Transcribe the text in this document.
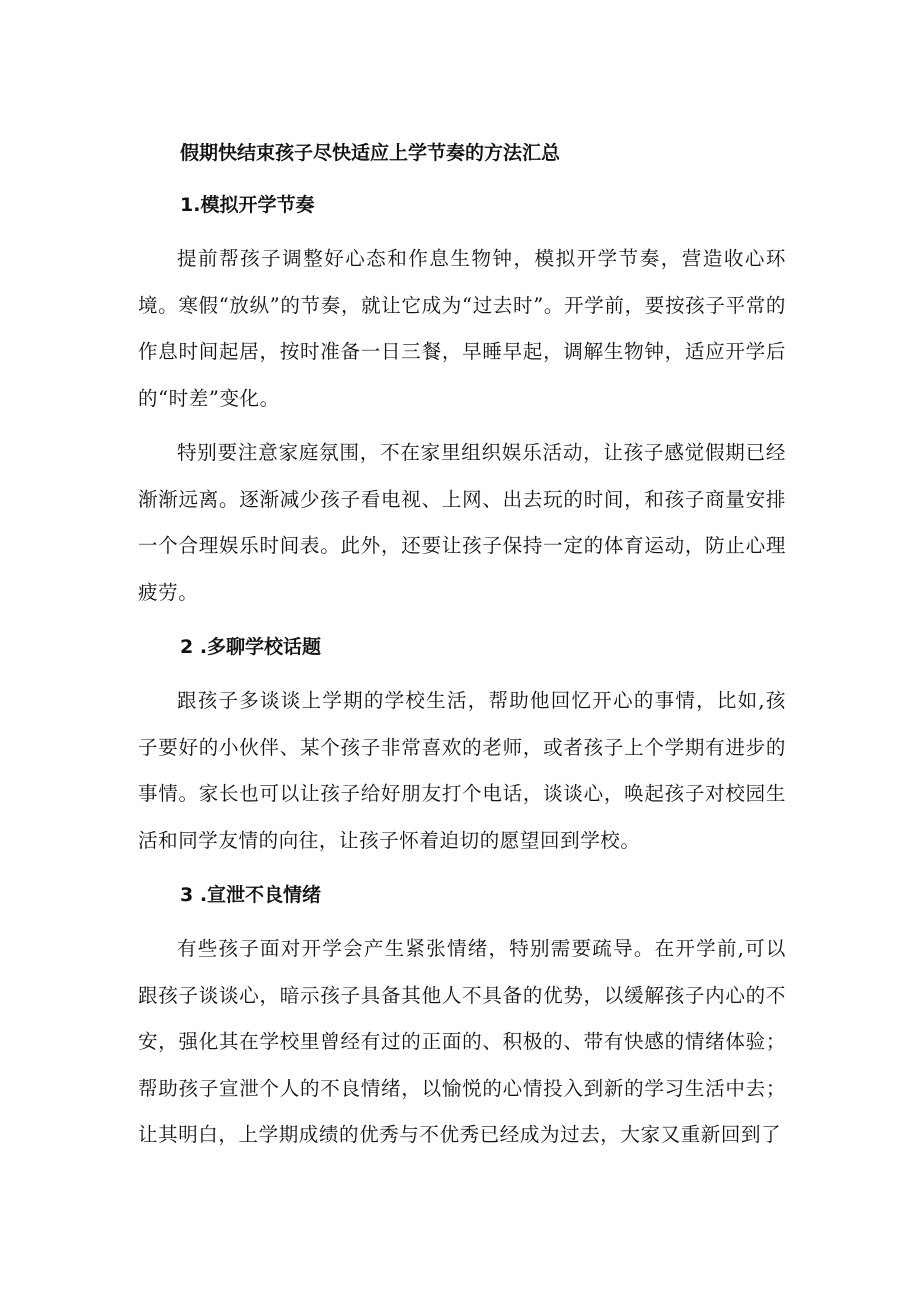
假期快结束孩子尽快适应上学节奏的方法汇总
1.模拟开学节奏

提前帮孩子调整好心态和作息生物钟，模拟开学节奏，营造收心环境。寒假“放纵”的节奏，就让它成为“过去时”。开学前，要按孩子平常的作息时间起居，按时准备一日三餐，早睡早起，调解生物钟，适应开学后的“时差”变化。

特别要注意家庭氛围，不在家里组织娱乐活动，让孩子感觉假期已经渐渐远离。逐渐减少孩子看电视、上网、出去玩的时间，和孩子商量安排一个合理娱乐时间表。此外，还要让孩子保持一定的体育运动，防止心理疲劳。

2 .多聊学校话题

跟孩子多谈谈上学期的学校生活，帮助他回忆开心的事情，比如,孩子要好的小伙伴、某个孩子非常喜欢的老师，或者孩子上个学期有进步的事情。家长也可以让孩子给好朋友打个电话，谈谈心，唤起孩子对校园生活和同学友情的向往，让孩子怀着迫切的愿望回到学校。

3 .宣泄不良情绪

有些孩子面对开学会产生紧张情绪，特别需要疏导。在开学前,可以跟孩子谈谈心，暗示孩子具备其他人不具备的优势，以缓解孩子内心的不安，强化其在学校里曾经有过的正面的、积极的、带有快感的情绪体验；帮助孩子宣泄个人的不良情绪，以愉悦的心情投入到新的学习生活中去；让其明白，上学期成绩的优秀与不优秀已经成为过去，大家又重新回到了
